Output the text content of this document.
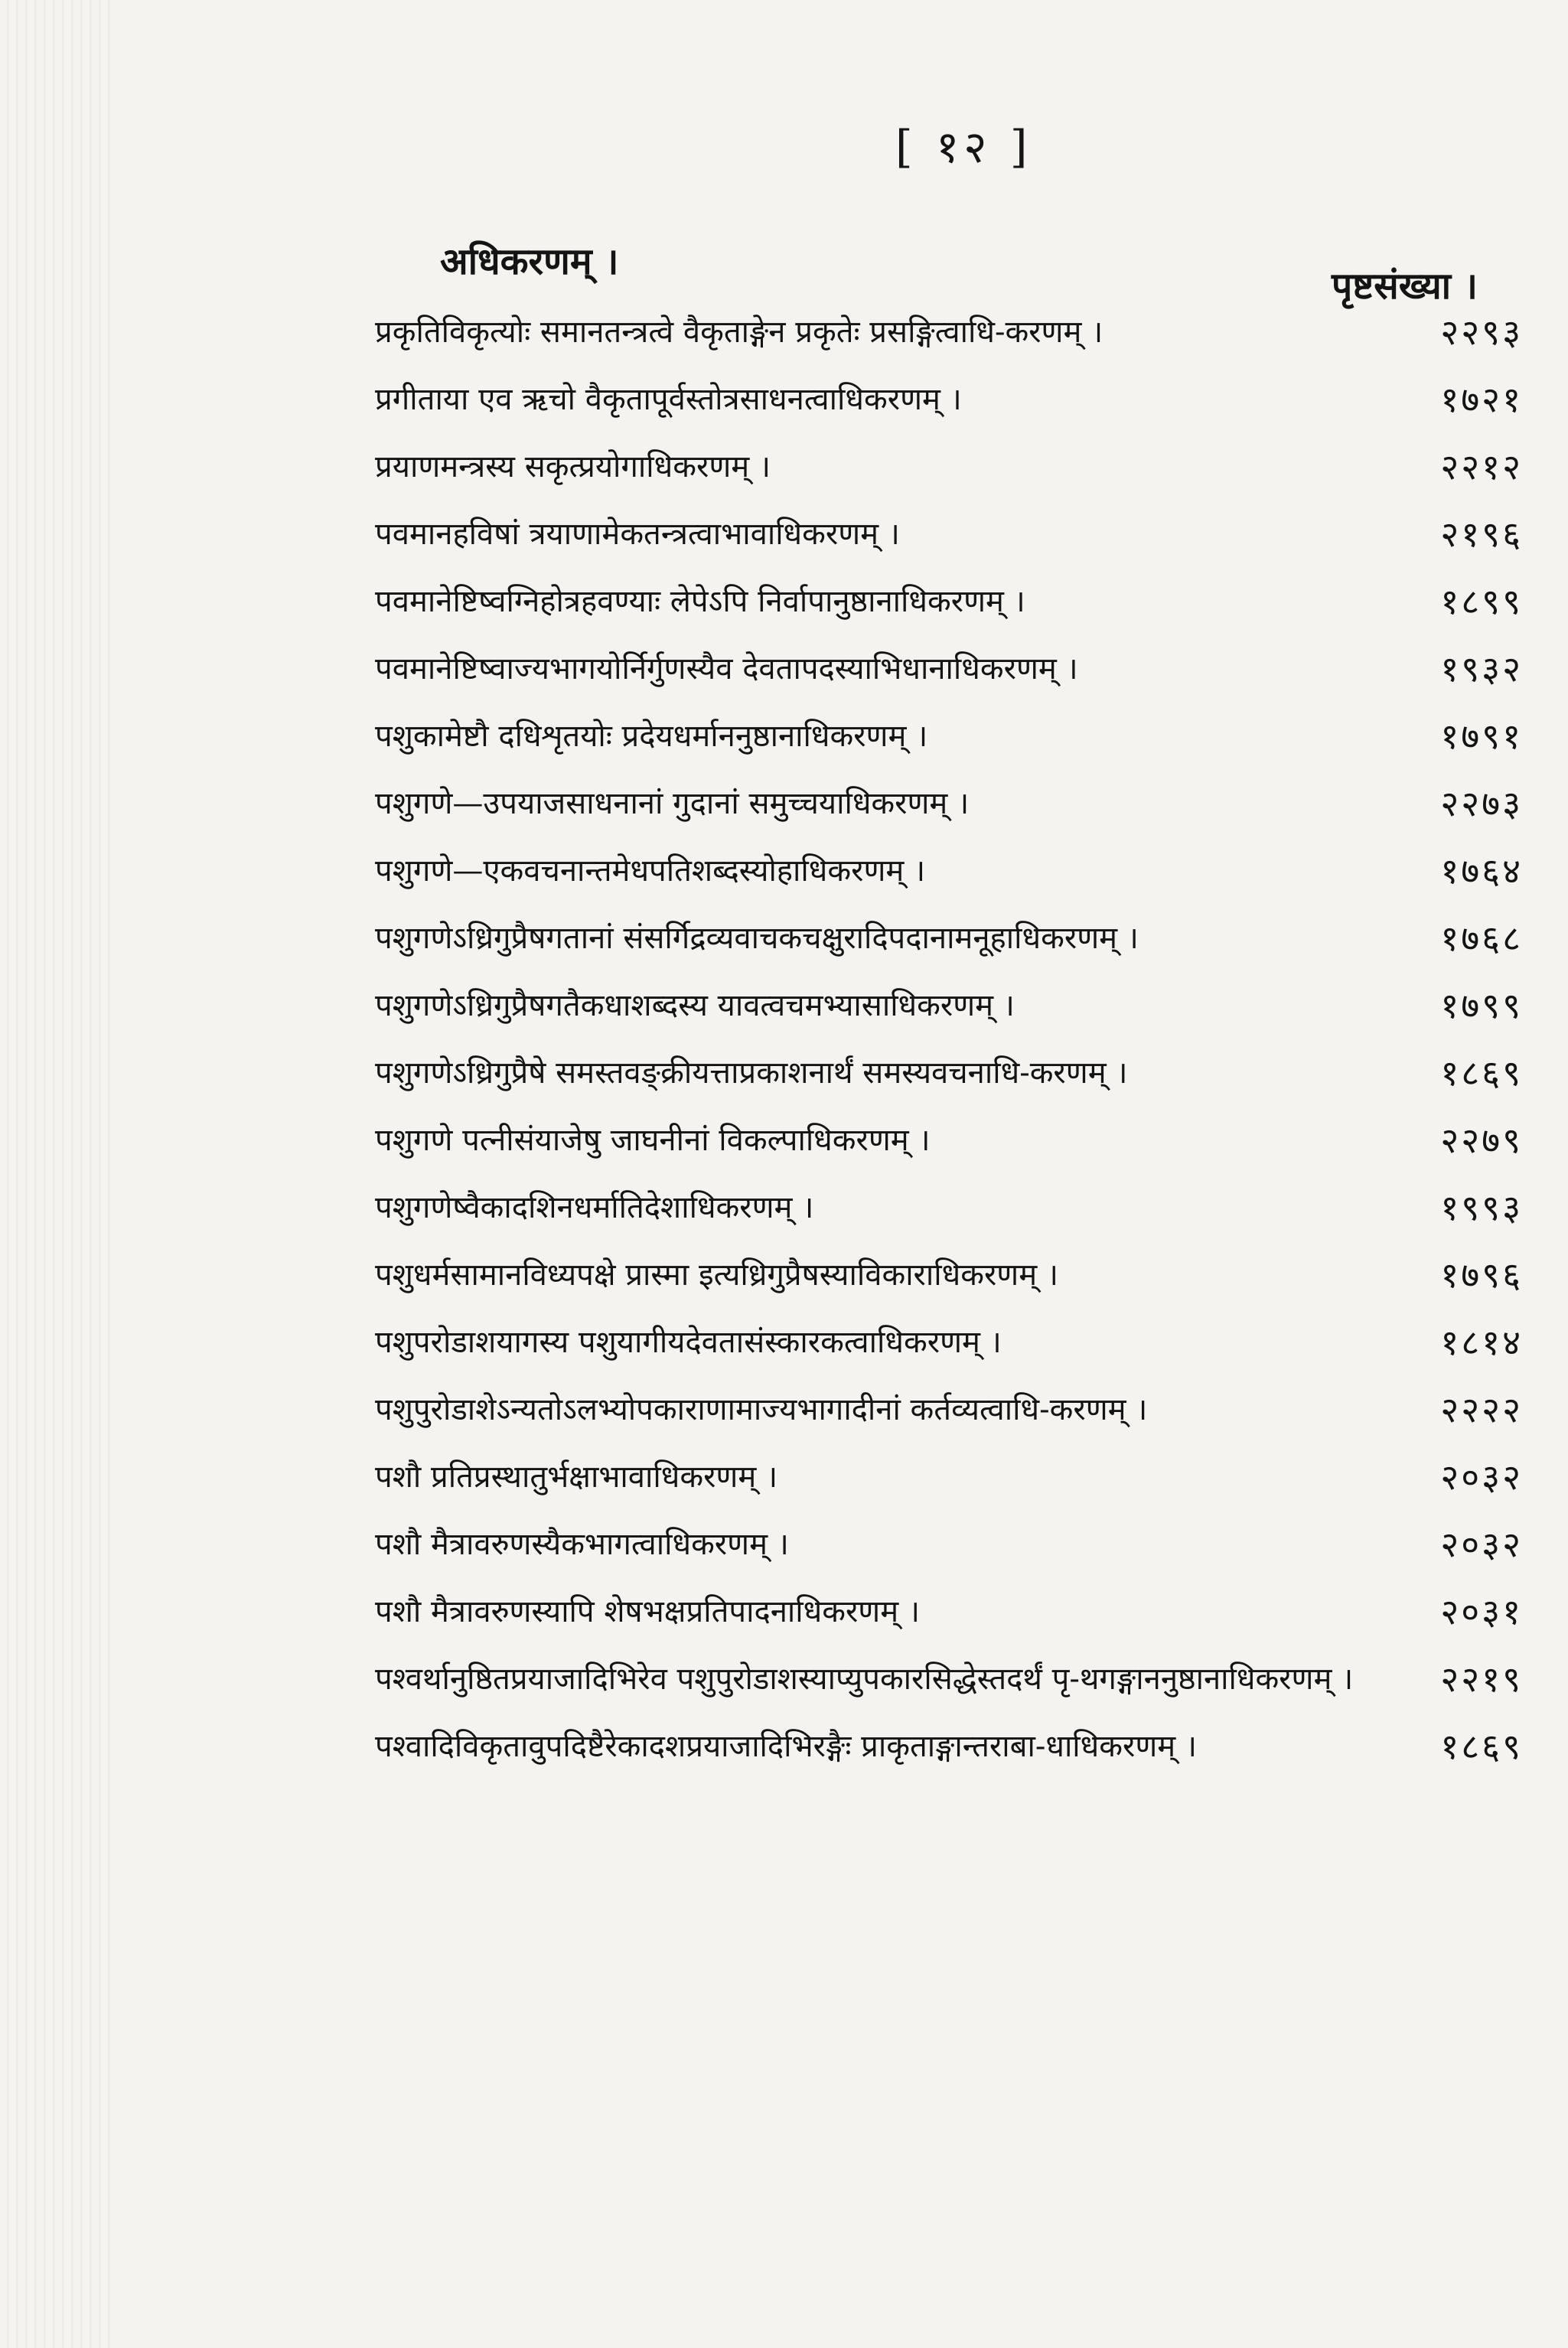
[ १२ ]
अधिकरणम् ।
पृष्टसंख्या ।
प्रकृतिविकृत्योः समानतन्त्रत्वे वैकृताङ्गेन प्रकृतेः प्रसङ्गित्वाधि-करणम् ।	२२९३
प्रगीताया एव ऋचो वैकृतापूर्वस्तोत्रसाधनत्वाधिकरणम् ।	१७२१
प्रयाणमन्त्रस्य सकृत्प्रयोगाधिकरणम् ।	२२१२
पवमानहविषां त्रयाणामेकतन्त्रत्वाभावाधिकरणम् ।	२१९६
पवमानेष्टिष्वग्निहोत्रहवण्याः लेपेऽपि निर्वापानुष्ठानाधिकरणम् ।	१८९९
पवमानेष्टिष्वाज्यभागयोर्निर्गुणस्यैव देवतापदस्याभिधानाधिकरणम् ।	१९३२
पशुकामेष्टौ दधिशृतयोः प्रदेयधर्माननुष्ठानाधिकरणम् ।	१७९१
पशुगणे—उपयाजसाधनानां गुदानां समुच्चयाधिकरणम् ।	२२७३
पशुगणे—एकवचनान्तमेधपतिशब्दस्योहाधिकरणम् ।	१७६४
पशुगणेऽध्रिगुप्रैषगतानां संसर्गिद्रव्यवाचकचक्षुरादिपदानामनूहाधिकरणम् ।	१७६८
पशुगणेऽध्रिगुप्रैषगतैकधाशब्दस्य यावत्वचमभ्यासाधिकरणम् ।	१७९९
पशुगणेऽध्रिगुप्रैषे समस्तवङ्क्रीयत्ताप्रकाशनार्थं समस्यवचनाधि-करणम् ।	१८६९
पशुगणे पत्नीसंयाजेषु जाघनीनां विकल्पाधिकरणम् ।	२२७९
पशुगणेष्वैकादशिनधर्मातिदेशाधिकरणम् ।	१९९३
पशुधर्मसामानविध्यपक्षे प्रास्मा इत्यध्रिगुप्रैषस्याविकाराधिकरणम् ।	१७९६
पशुपरोडाशयागस्य पशुयागीयदेवतासंस्कारकत्वाधिकरणम् ।	१८१४
पशुपुरोडाशेऽन्यतोऽलभ्योपकाराणामाज्यभागादीनां कर्तव्यत्वाधि-करणम् ।	२२२२
पशौ प्रतिप्रस्थातुर्भक्षाभावाधिकरणम् ।	२०३२
पशौ मैत्रावरुणस्यैकभागत्वाधिकरणम् ।	२०३२
पशौ मैत्रावरुणस्यापि शेषभक्षप्रतिपादनाधिकरणम् ।	२०३१
पश्वर्थानुष्ठितप्रयाजादिभिरेव पशुपुरोडाशस्याप्युपकारसिद्धेस्तदर्थं पृ-थगङ्गाननुष्ठानाधिकरणम् ।	२२१९
पश्वादिविकृतावुपदिष्टैरेकादशप्रयाजादिभिरङ्गैः प्राकृताङ्गान्तराबा-धाधिकरणम् ।	१८६९
